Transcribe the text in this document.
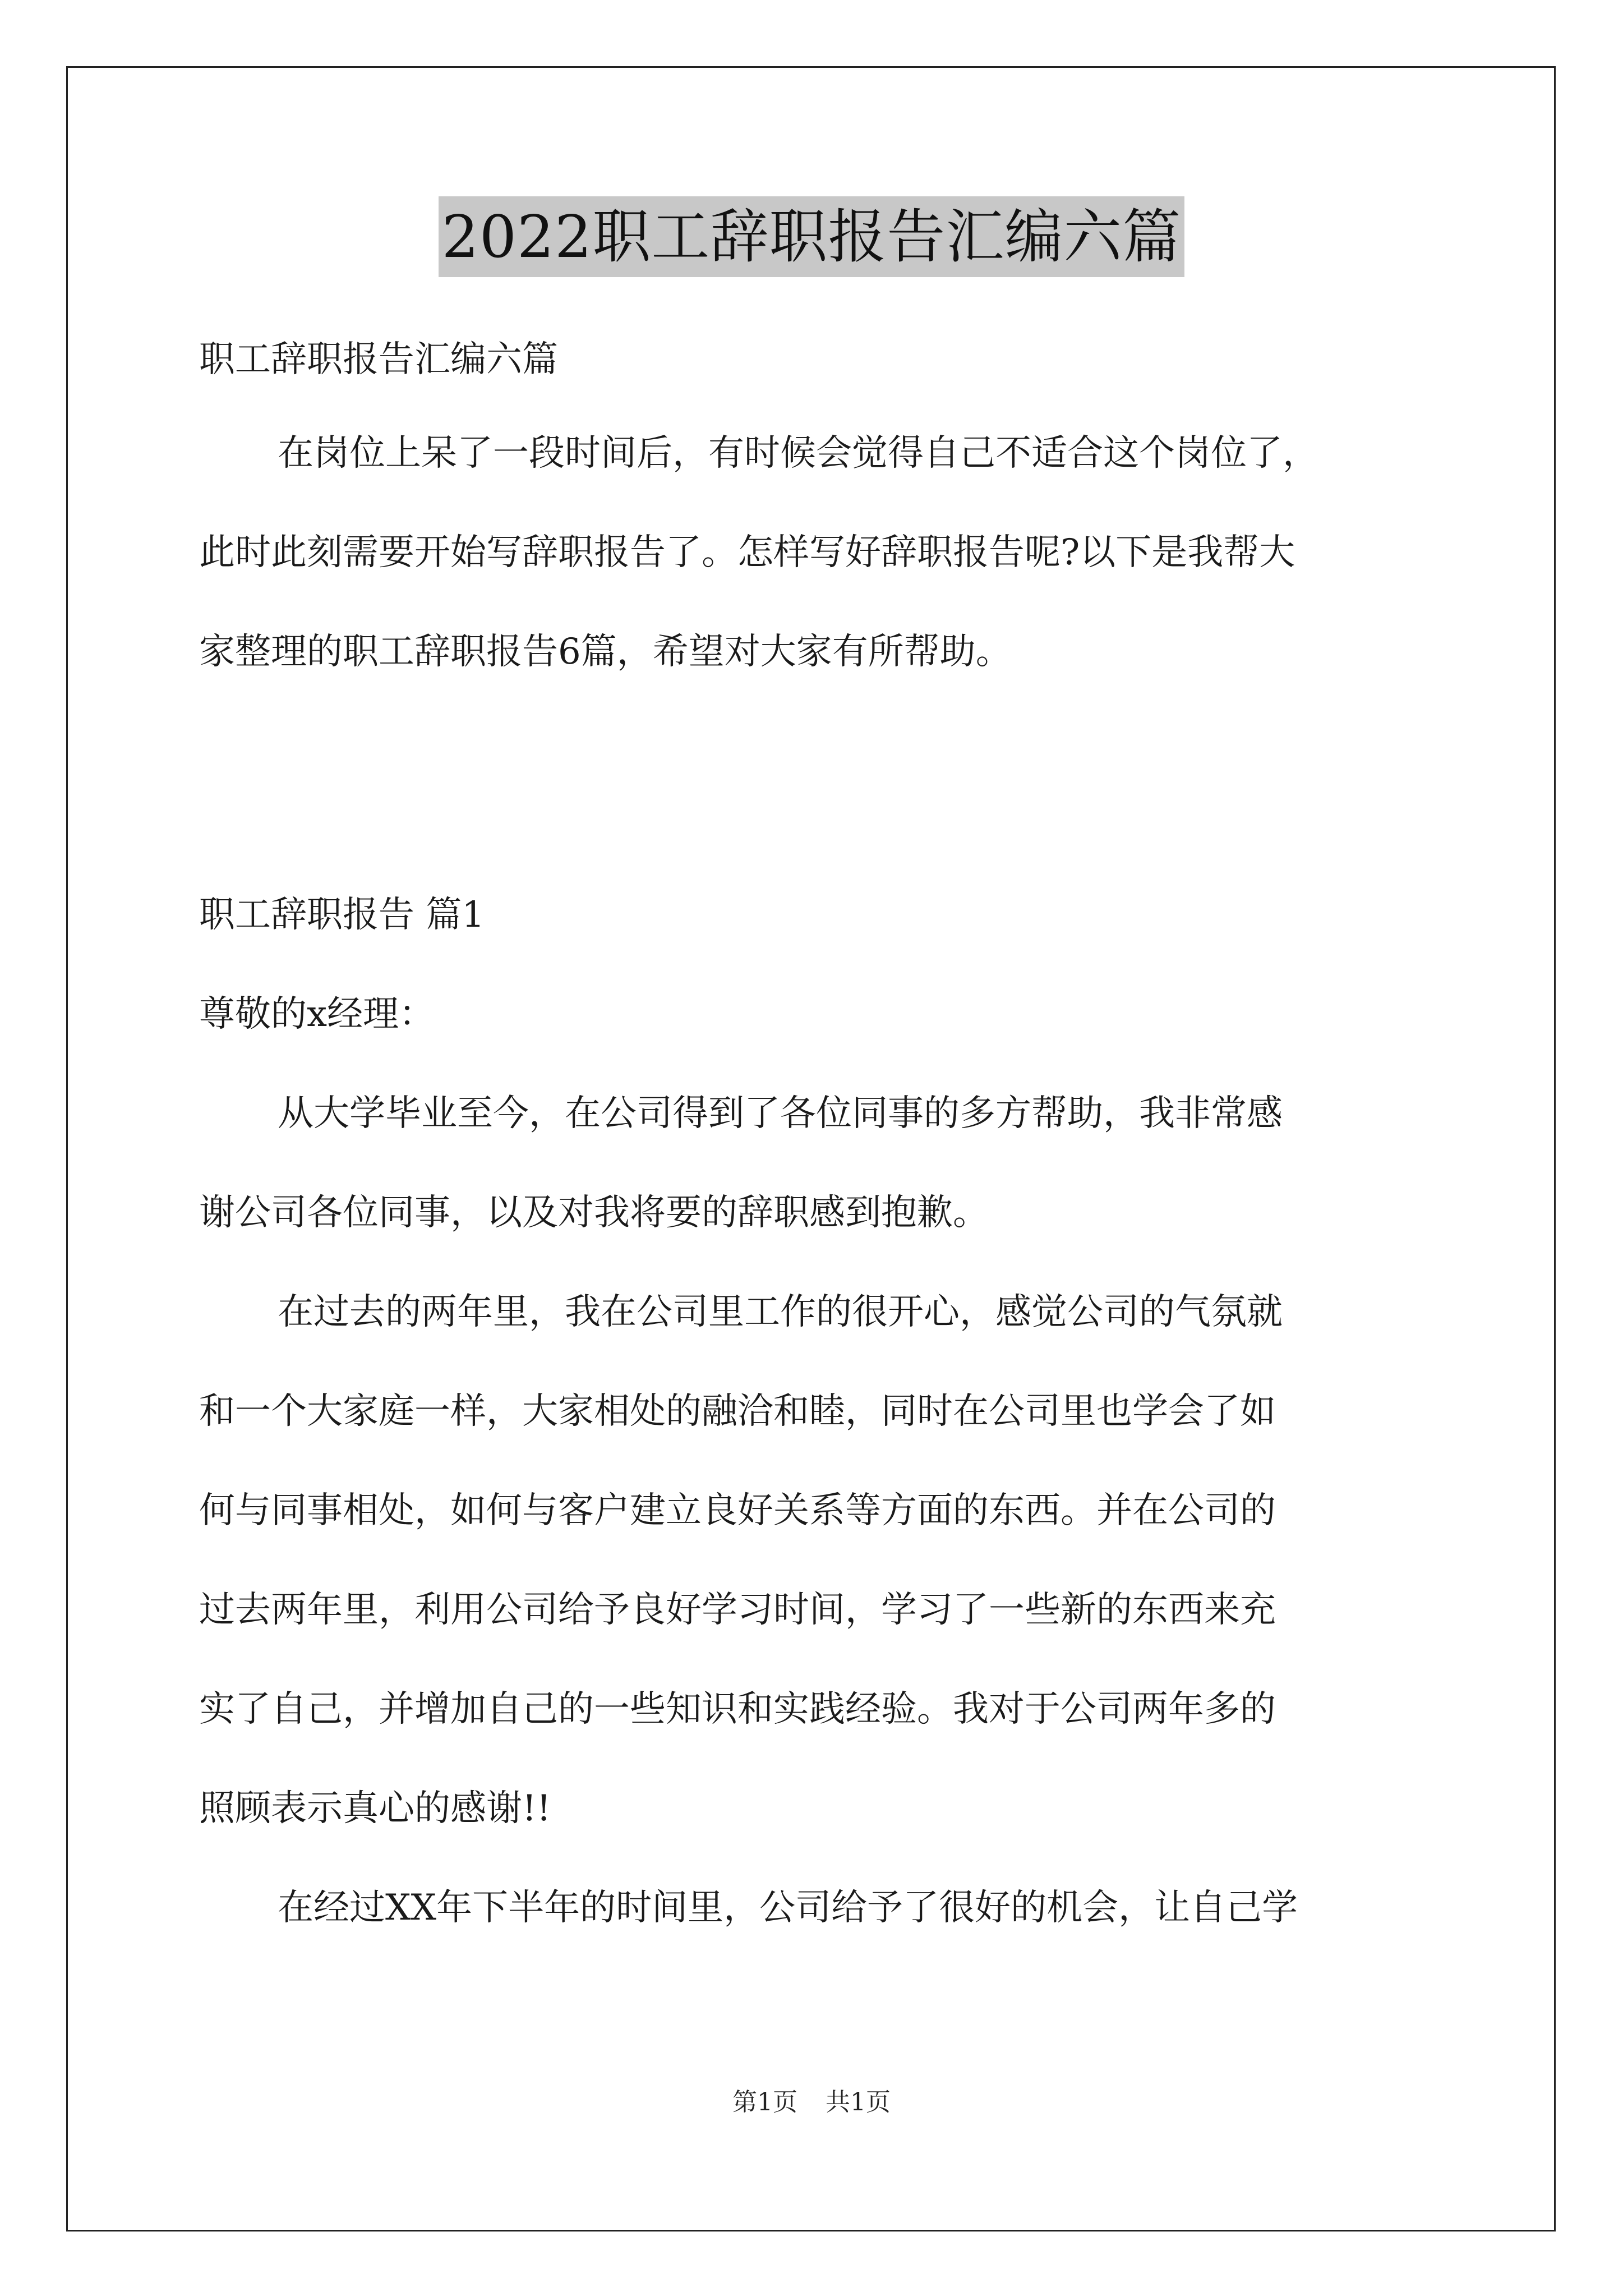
2022职工辞职报告汇编六篇
职工辞职报告汇编六篇
在岗位上呆了一段时间后，有时候会觉得自己不适合这个岗位了，
此时此刻需要开始写辞职报告了。怎样写好辞职报告呢?以下是我帮大
家整理的职工辞职报告6篇，希望对大家有所帮助。
职工辞职报告 篇1
尊敬的x经理：
从大学毕业至今，在公司得到了各位同事的多方帮助，我非常感
谢公司各位同事，以及对我将要的辞职感到抱歉。
在过去的两年里，我在公司里工作的很开心，感觉公司的气氛就
和一个大家庭一样，大家相处的融洽和睦，同时在公司里也学会了如
何与同事相处，如何与客户建立良好关系等方面的东西。并在公司的
过去两年里，利用公司给予良好学习时间，学习了一些新的东西来充
实了自己，并增加自己的一些知识和实践经验。我对于公司两年多的
照顾表示真心的感谢!!
在经过XX年下半年的时间里，公司给予了很好的机会，让自己学
第1页 共1页
